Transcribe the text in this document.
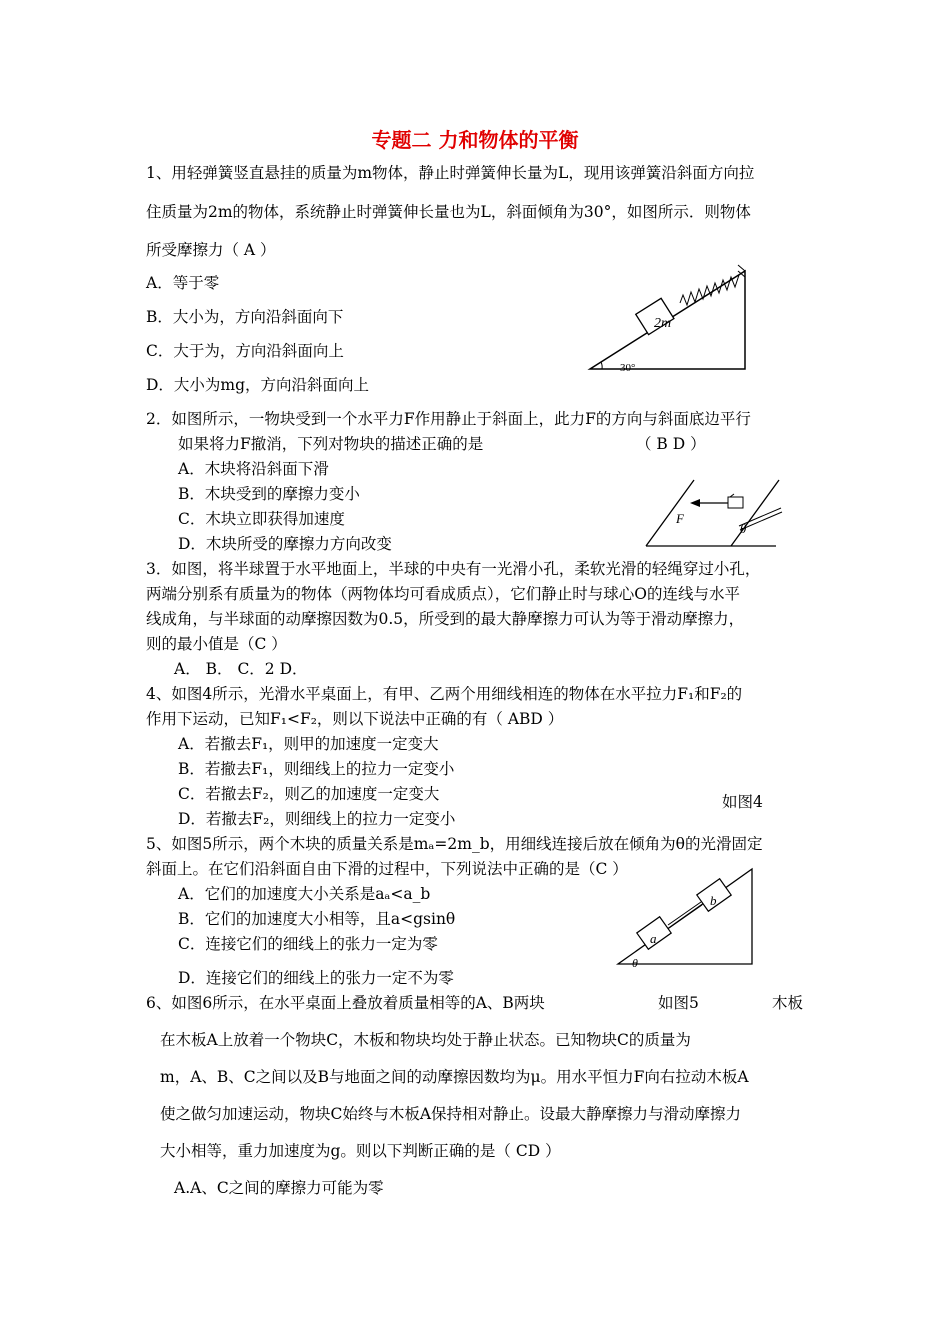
专题二 力和物体的平衡
1、用轻弹簧竖直悬挂的质量为m物体，静止时弹簧伸长量为L，现用该弹簧沿斜面方向拉
住质量为2m的物体，系统静止时弹簧伸长量也为L，斜面倾角为30°，如图所示．则物体
所受摩擦力（ A ）
A．等于零
B．大小为，方向沿斜面向下
C．大于为，方向沿斜面向上
D．大小为mg，方向沿斜面向上
2m
30°
2．如图所示，一物块受到一个水平力F作用静止于斜面上，此力F的方向与斜面底边平行
如果将力F撤消，下列对物块的描述正确的是	（ B D ）
A．木块将沿斜面下滑
B．木块受到的摩擦力变小
C．木块立即获得加速度
D．木块所受的摩擦力方向改变
F
θ
3．如图，将半球置于水平地面上，半球的中央有一光滑小孔，柔软光滑的轻绳穿过小孔，
两端分别系有质量为的物体（两物体均可看成质点），它们静止时与球心O的连线与水平
线成角，与半球面的动摩擦因数为0.5，所受到的最大静摩擦力可认为等于滑动摩擦力，
则的最小值是（C ）
A． B． C．2 D．
4、如图4所示，光滑水平桌面上，有甲、乙两个用细线相连的物体在水平拉力F₁和F₂的
作用下运动，已知F₁<F₂，则以下说法中正确的有（ ABD ）
A．若撤去F₁，则甲的加速度一定变大
B．若撤去F₁，则细线上的拉力一定变小
C．若撤去F₂，则乙的加速度一定变大	如图4
D．若撤去F₂，则细线上的拉力一定变小
5、如图5所示，两个木块的质量关系是mₐ=2m_b，用细线连接后放在倾角为θ的光滑固定
斜面上。在它们沿斜面自由下滑的过程中，下列说法中正确的是（C ）
A．它们的加速度大小关系是aₐ<a_b
B．它们的加速度大小相等，且a<gsinθ
C．连接它们的细线上的张力一定为零
D．连接它们的细线上的张力一定不为零
a
b
θ
6、如图6所示，在水平桌面上叠放着质量相等的A、B两块	如图5	木板
在木板A上放着一个物块C，木板和物块均处于静止状态。已知物块C的质量为
m，A、B、C之间以及B与地面之间的动摩擦因数均为μ。用水平恒力F向右拉动木板A
使之做匀加速运动，物块C始终与木板A保持相对静止。设最大静摩擦力与滑动摩擦力
大小相等，重力加速度为g。则以下判断正确的是（ CD ）
A.A、C之间的摩擦力可能为零
